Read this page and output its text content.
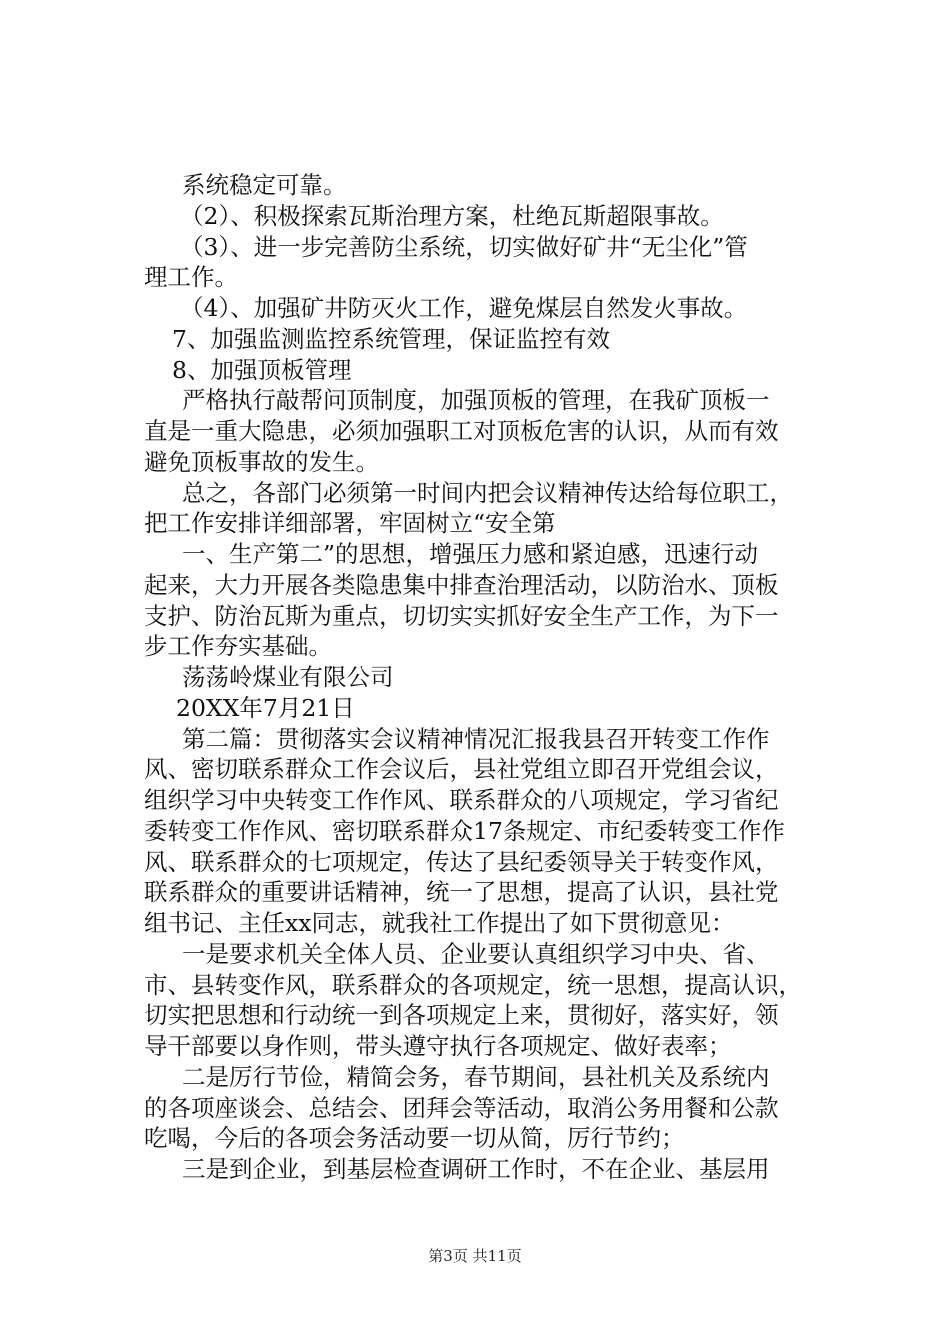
系统稳定可靠。
（2）、积极探索瓦斯治理方案，杜绝瓦斯超限事故。
（3）、进一步完善防尘系统，切实做好矿井“无尘化”管
理工作。
（4）、加强矿井防灭火工作，避免煤层自然发火事故。
7、加强监测监控系统管理，保证监控有效
8、加强顶板管理
严格执行敲帮问顶制度，加强顶板的管理，在我矿顶板一
直是一重大隐患，必须加强职工对顶板危害的认识，从而有效
避免顶板事故的发生。
总之，各部门必须第一时间内把会议精神传达给每位职工，
把工作安排详细部署，牢固树立“安全第
一、生产第二”的思想，增强压力感和紧迫感，迅速行动
起来，大力开展各类隐患集中排查治理活动，以防治水、顶板
支护、防治瓦斯为重点，切切实实抓好安全生产工作，为下一
步工作夯实基础。
荡荡岭煤业有限公司
20XX年7月21日
第二篇：贯彻落实会议精神情况汇报我县召开转变工作作
风、密切联系群众工作会议后，县社党组立即召开党组会议，
组织学习中央转变工作作风、联系群众的八项规定，学习省纪
委转变工作作风、密切联系群众17条规定、市纪委转变工作作
风、联系群众的七项规定，传达了县纪委领导关于转变作风，
联系群众的重要讲话精神，统一了思想，提高了认识，县社党
组书记、主任xx同志，就我社工作提出了如下贯彻意见：
一是要求机关全体人员、企业要认真组织学习中央、省、
市、县转变作风，联系群众的各项规定，统一思想，提高认识，
切实把思想和行动统一到各项规定上来，贯彻好，落实好，领
导干部要以身作则，带头遵守执行各项规定、做好表率；
二是厉行节俭，精简会务，春节期间，县社机关及系统内
的各项座谈会、总结会、团拜会等活动，取消公务用餐和公款
吃喝，今后的各项会务活动要一切从简，厉行节约；
三是到企业，到基层检查调研工作时，不在企业、基层用
第3页 共11页
